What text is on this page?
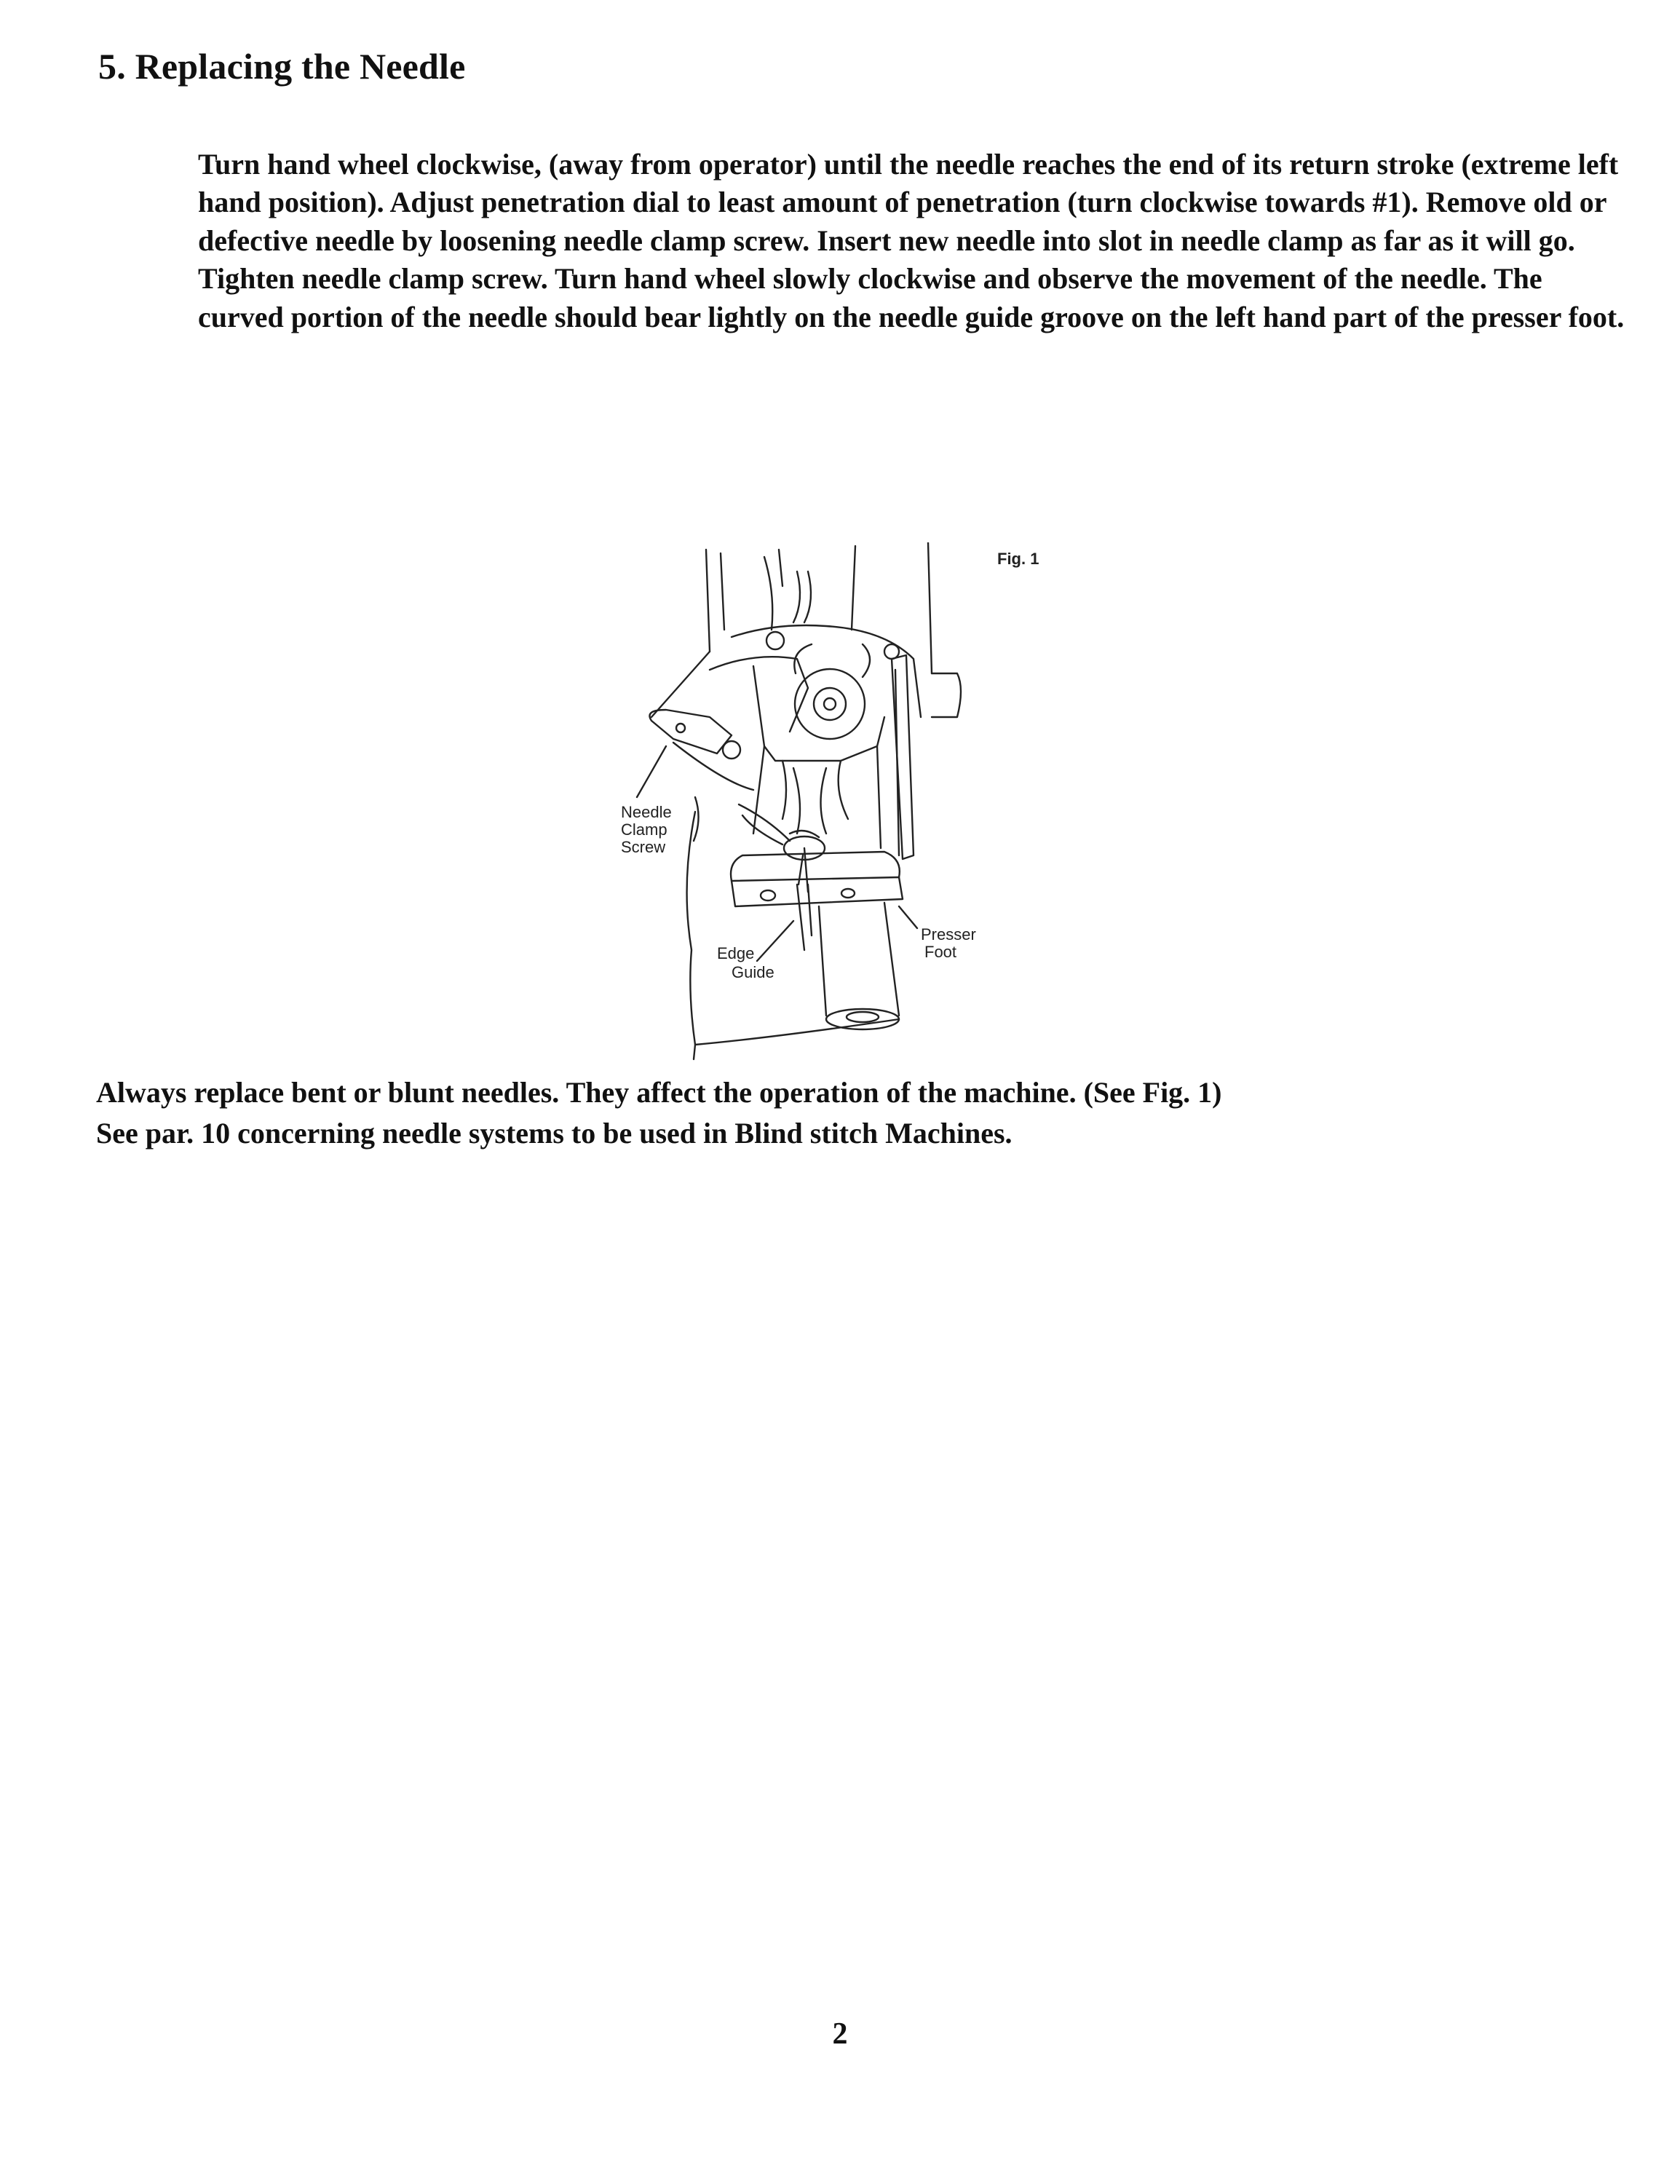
5. Replacing the Needle

Turn hand wheel clockwise, (away from operator) until the needle reaches the end of its return stroke (extreme left hand position). Adjust penetration dial to least amount of penetration (turn clockwise towards #1). Remove old or defective needle by loosening needle clamp screw. Insert new needle into slot in needle clamp as far as it will go. Tighten needle clamp screw. Turn hand wheel slowly clockwise and observe the movement of the needle. The curved portion of the needle should bear lightly on the needle guide groove on the left hand part of the presser foot.

Fig. 1
Needle
Clamp
Screw
Edge
Guide
Presser
Foot

Always replace bent or blunt needles. They affect the operation of the machine. (See Fig. 1)
See par. 10 concerning needle systems to be used in Blind stitch Machines.

2
